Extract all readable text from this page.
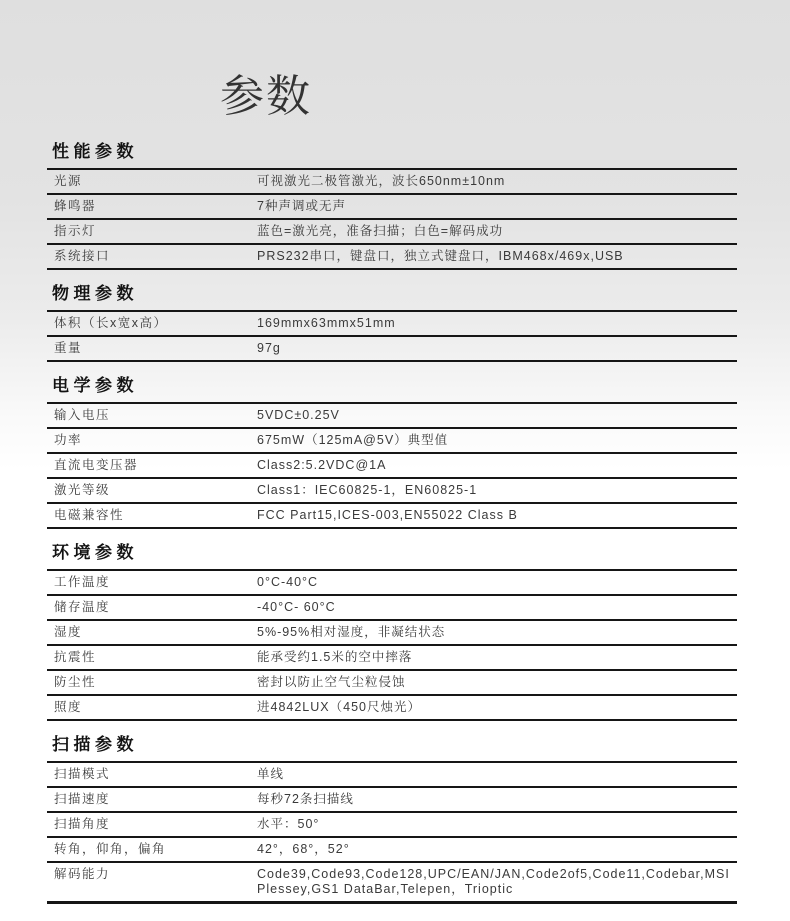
参数
性能参数
光源	可视激光二极管激光，波长650nm±10nm
蜂鸣器	7种声调或无声
指示灯	蓝色=激光亮，准备扫描；白色=解码成功
系统接口	PRS232串口，键盘口，独立式键盘口，IBM468x/469x,USB
物理参数
体积（长x宽x高）	169mmx63mmx51mm
重量	97g
电学参数
输入电压	5VDC±0.25V
功率	675mW（125mA@5V）典型值
直流电变压器	Class2:5.2VDC@1A
激光等级	Class1：IEC60825-1，EN60825-1
电磁兼容性	FCC Part15,ICES-003,EN55022 Class B
环境参数
工作温度	0°C-40°C
储存温度	-40°C- 60°C
湿度	5%-95%相对湿度，非凝结状态
抗震性	能承受约1.5米的空中摔落
防尘性	密封以防止空气尘粒侵蚀
照度	进4842LUX（450尺烛光）
扫描参数
扫描模式	单线
扫描速度	每秒72条扫描线
扫描角度	水平：50°
转角，仰角，偏角	42°，68°，52°
解码能力	Code39,Code93,Code128,UPC/EAN/JAN,Code2of5,Code11,Codebar,MSI Plessey,GS1 DataBar,Telepen，Trioptic
